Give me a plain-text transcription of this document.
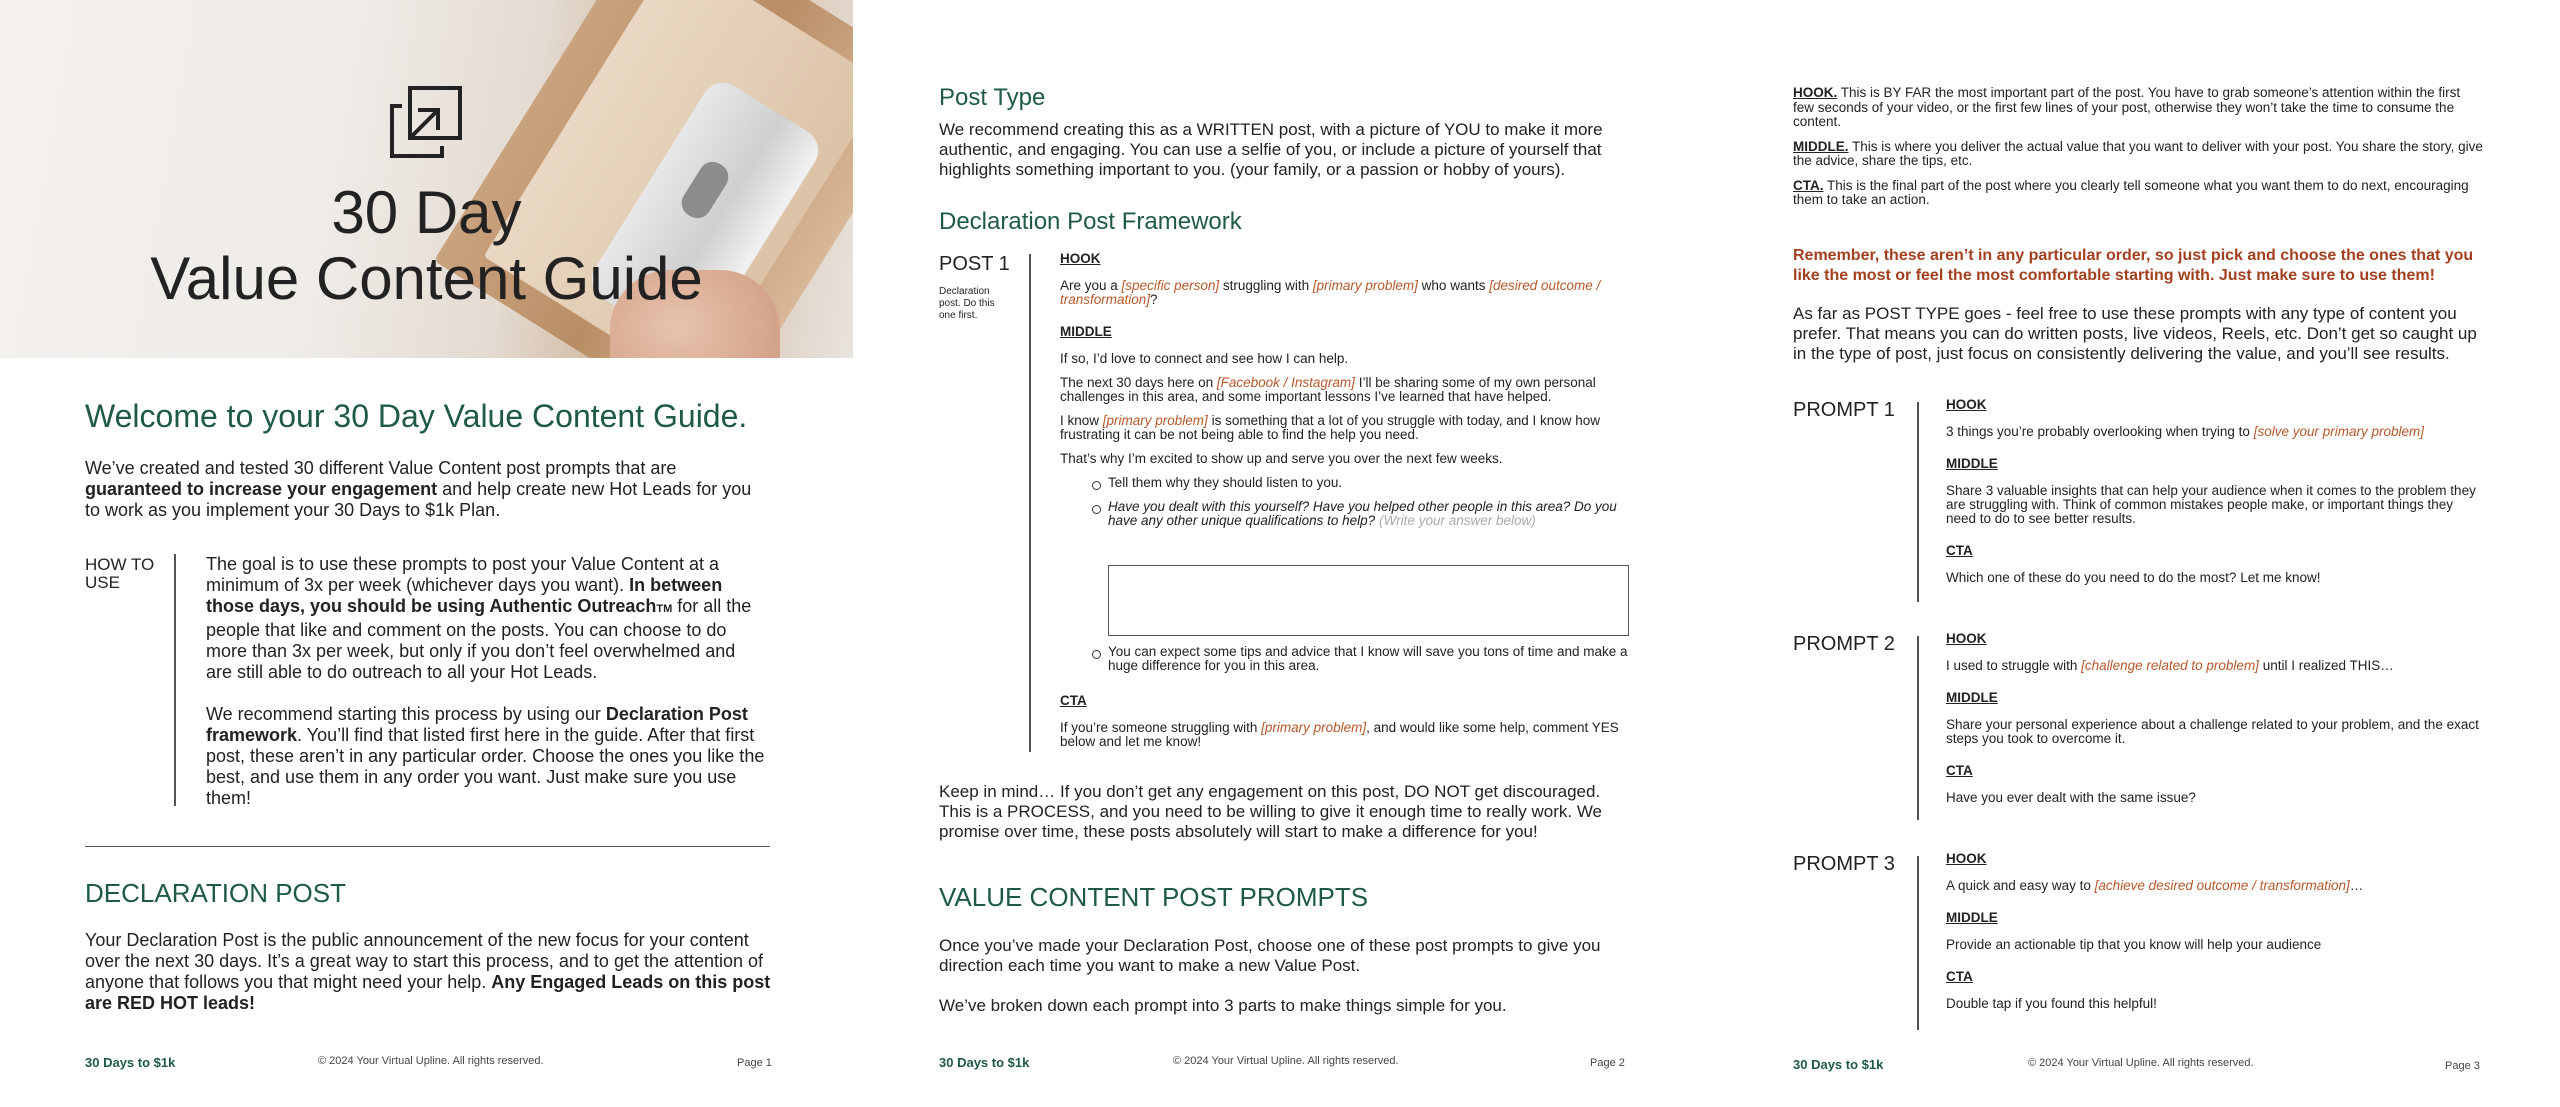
30 Day
Value Content Guide
Welcome to your 30 Day Value Content Guide.

We’ve created and tested 30 different Value Content post prompts that are guaranteed to increase your engagement and help create new Hot Leads for you to work as you implement your 30 Days to $1k Plan.

HOW TO USE

The goal is to use these prompts to post your Value Content at a minimum of 3x per week (whichever days you want). In between those days, you should be using Authentic OutreachTM for all the people that like and comment on the posts. You can choose to do more than 3x per week, but only if you don’t feel overwhelmed and are still able to do outreach to all your Hot Leads.

We recommend starting this process by using our Declaration Post framework. You’ll find that listed first here in the guide. After that first post, these aren’t in any particular order. Choose the ones you like the best, and use them in any order you want. Just make sure you use them!

DECLARATION POST

Your Declaration Post is the public announcement of the new focus for your content over the next 30 days. It’s a great way to start this process, and to get the attention of anyone that follows you that might need your help. Any Engaged Leads on this post are RED HOT leads!

30 Days to $1k	© 2024 Your Virtual Upline. All rights reserved.	Page 1
Post Type

We recommend creating this as a WRITTEN post, with a picture of YOU to make it more authentic, and engaging. You can use a selfie of you, or include a picture of yourself that highlights something important to you. (your family, or a passion or hobby of yours).

Declaration Post Framework
POST 1
Declaration post. Do this one first.
HOOK

Are you a [specific person] struggling with [primary problem] who wants [desired outcome / transformation]?

MIDDLE

If so, I’d love to connect and see how I can help.

The next 30 days here on [Facebook / Instagram] I’ll be sharing some of my own personal challenges in this area, and some important lessons I’ve learned that have helped.

I know [primary problem] is something that a lot of you struggle with today, and I know how frustrating it can be not being able to find the help you need.

That’s why I’m excited to show up and serve you over the next few weeks.

Tell them why they should listen to you.
Have you dealt with this yourself? Have you helped other people in this area? Do you have any other unique qualifications to help? (Write your answer below)
You can expect some tips and advice that I know will save you tons of time and make a huge difference for you in this area.
CTA

If you’re someone struggling with [primary problem], and would like some help, comment YES below and let me know!

Keep in mind… If you don’t get any engagement on this post, DO NOT get discouraged. This is a PROCESS, and you need to be willing to give it enough time to really work. We promise over time, these posts absolutely will start to make a difference for you!

VALUE CONTENT POST PROMPTS

Once you’ve made your Declaration Post, choose one of these post prompts to give you direction each time you want to make a new Value Post.

We’ve broken down each prompt into 3 parts to make things simple for you.

30 Days to $1k	© 2024 Your Virtual Upline. All rights reserved.	Page 2

HOOK. This is BY FAR the most important part of the post. You have to grab someone’s attention within the first few seconds of your video, or the first few lines of your post, otherwise they won’t take the time to consume the content.

MIDDLE. This is where you deliver the actual value that you want to deliver with your post. You share the story, give the advice, share the tips, etc.

CTA. This is the final part of the post where you clearly tell someone what you want them to do next, encouraging them to take an action.

Remember, these aren’t in any particular order, so just pick and choose the ones that you like the most or feel the most comfortable starting with. Just make sure to use them!

As far as POST TYPE goes - feel free to use these prompts with any type of content you prefer. That means you can do written posts, live videos, Reels, etc. Don’t get so caught up in the type of post, just focus on consistently delivering the value, and you’ll see results.

PROMPT 1	HOOK

3 things you’re probably overlooking when trying to [solve your primary problem]

MIDDLE

Share 3 valuable insights that can help your audience when it comes to the problem they are struggling with. Think of common mistakes people make, or important things they need to do to see better results.

CTA

Which one of these do you need to do the most? Let me know!

PROMPT 2	HOOK

I used to struggle with [challenge related to problem] until I realized THIS…

MIDDLE

Share your personal experience about a challenge related to your problem, and the exact steps you took to overcome it.

CTA

Have you ever dealt with the same issue?

PROMPT 3	HOOK

A quick and easy way to [achieve desired outcome / transformation]…

MIDDLE

Provide an actionable tip that you know will help your audience

CTA

Double tap if you found this helpful!

30 Days to $1k	© 2024 Your Virtual Upline. All rights reserved.	Page 3
